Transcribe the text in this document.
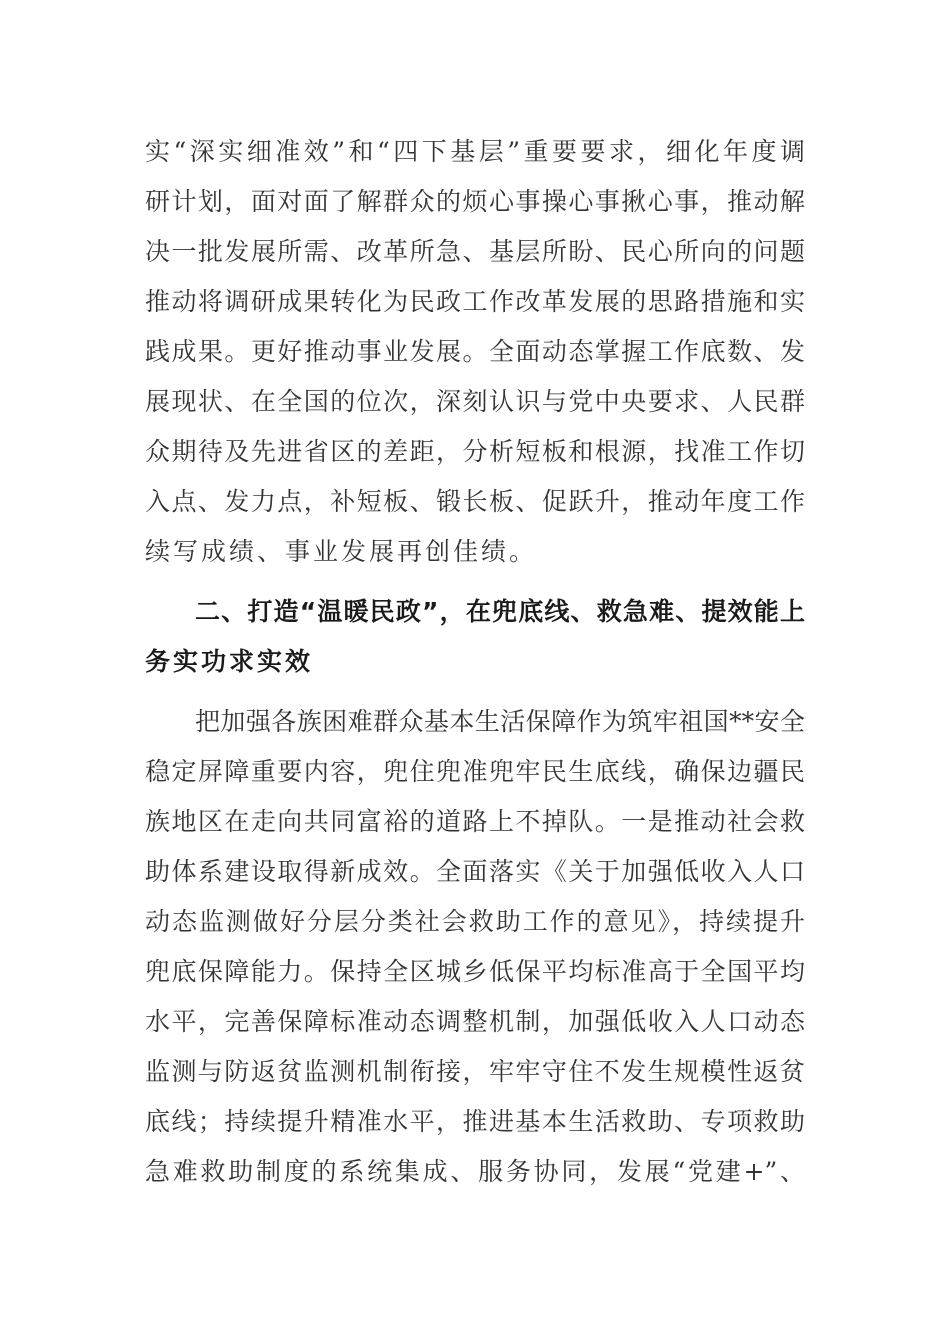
实“深实细准效”和“四下基层”重要要求，细化年度调
研计划，面对面了解群众的烦心事操心事揪心事，推动解
决一批发展所需、改革所急、基层所盼、民心所向的问题
推动将调研成果转化为民政工作改革发展的思路措施和实
践成果。更好推动事业发展。全面动态掌握工作底数、发
展现状、在全国的位次，深刻认识与党中央要求、人民群
众期待及先进省区的差距，分析短板和根源，找准工作切
入点、发力点，补短板、锻长板、促跃升，推动年度工作
续写成绩、事业发展再创佳绩。
二、打造“温暖民政”，在兜底线、救急难、提效能上
务实功求实效
把加强各族困难群众基本生活保障作为筑牢祖国**安全
稳定屏障重要内容，兜住兜准兜牢民生底线，确保边疆民
族地区在走向共同富裕的道路上不掉队。一是推动社会救
助体系建设取得新成效。全面落实《关于加强低收入人口
动态监测做好分层分类社会救助工作的意见》，持续提升
兜底保障能力。保持全区城乡低保平均标准高于全国平均
水平，完善保障标准动态调整机制，加强低收入人口动态
监测与防返贫监测机制衔接，牢牢守住不发生规模性返贫
底线；持续提升精准水平，推进基本生活救助、专项救助
急难救助制度的系统集成、服务协同，发展“党建+”、
